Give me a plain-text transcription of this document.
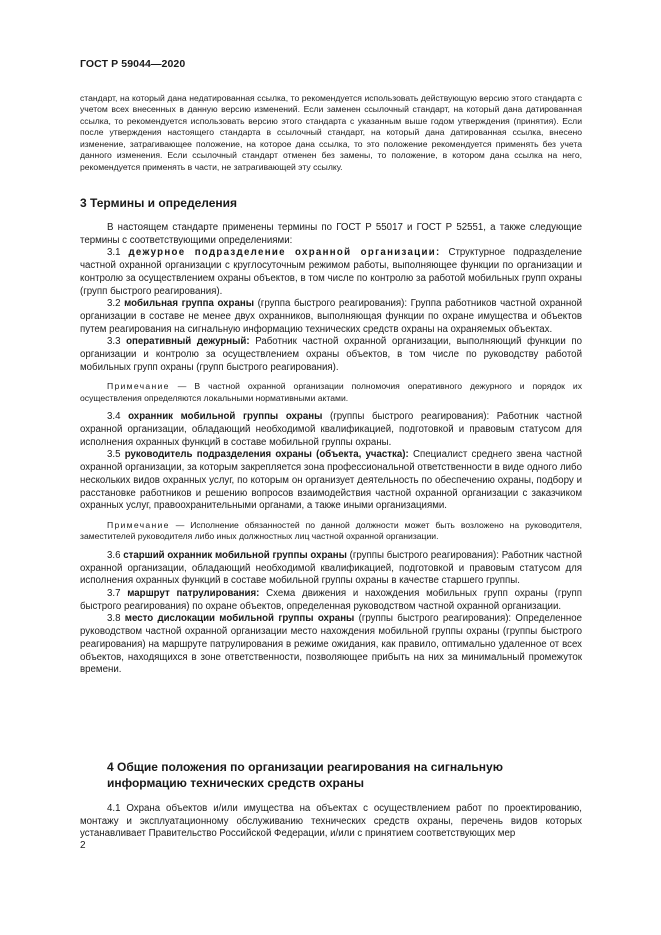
ГОСТ Р 59044—2020

стандарт, на который дана недатированная ссылка, то рекомендуется использовать действующую версию этого стандарта с учетом всех внесенных в данную версию изменений. Если заменен ссылочный стандарт, на который дана датированная ссылка, то рекомендуется использовать версию этого стандарта с указанным выше годом утверждения (принятия). Если после утверждения настоящего стандарта в ссылочный стандарт, на который дана датированная ссылка, внесено изменение, затрагивающее положение, на которое дана ссылка, то это положение рекомендуется применять без учета данного изменения. Если ссылочный стандарт отменен без замены, то положение, в котором дана ссылка на него, рекомендуется применять в части, не затрагивающей эту ссылку.

3 Термины и определения

В настоящем стандарте применены термины по ГОСТ Р 55017 и ГОСТ Р 52551, а также следующие термины с соответствующими определениями:

3.1 дежурное подразделение охранной организации: Структурное подразделение частной охранной организации с круглосуточным режимом работы, выполняющее функции по организации и контролю за осуществлением охраны объектов, в том числе по контролю за работой мобильных групп охраны (групп быстрого реагирования).

3.2 мобильная группа охраны (группа быстрого реагирования): Группа работников частной охранной организации в составе не менее двух охранников, выполняющая функции по охране имущества и объектов путем реагирования на сигнальную информацию технических средств охраны на охраняемых объектах.

3.3 оперативный дежурный: Работник частной охранной организации, выполняющий функции по организации и контролю за осуществлением охраны объектов, в том числе по руководству работой мобильных групп охраны (групп быстрого реагирования).

Примечание — В частной охранной организации полномочия оперативного дежурного и порядок их осуществления определяются локальными нормативными актами.

3.4 охранник мобильной группы охраны (группы быстрого реагирования): Работник частной охранной организации, обладающий необходимой квалификацией, подготовкой и правовым статусом для исполнения охранных функций в составе мобильной группы охраны.

3.5 руководитель подразделения охраны (объекта, участка): Специалист среднего звена частной охранной организации, за которым закрепляется зона профессиональной ответственности в виде одного либо нескольких видов охранных услуг, по которым он организует деятельность по обеспечению охраны, подбору и расстановке работников и решению вопросов взаимодействия частной охранной организации с заказчиком охранных услуг, правоохранительными органами, а также иными организациями.

Примечание — Исполнение обязанностей по данной должности может быть возложено на руководителя, заместителей руководителя либо иных должностных лиц частной охранной организации.

3.6 старший охранник мобильной группы охраны (группы быстрого реагирования): Работник частной охранной организации, обладающий необходимой квалификацией, подготовкой и правовым статусом для исполнения охранных функций в составе мобильной группы охраны в качестве старшего группы.

3.7 маршрут патрулирования: Схема движения и нахождения мобильных групп охраны (групп быстрого реагирования) по охране объектов, определенная руководством частной охранной организации.

3.8 место дислокации мобильной группы охраны (группы быстрого реагирования): Определенное руководством частной охранной организации место нахождения мобильной группы охраны (группы быстрого реагирования) на маршруте патрулирования в режиме ожидания, как правило, оптимально удаленное от всех объектов, находящихся в зоне ответственности, позволяющее прибыть на них за минимальный промежуток времени.

4 Общие положения по организации реагирования на сигнальную
информацию технических средств охраны

4.1 Охрана объектов и/или имущества на объектах с осуществлением работ по проектированию, монтажу и эксплуатационному обслуживанию технических средств охраны, перечень видов которых устанавливает Правительство Российской Федерации, и/или с принятием соответствующих мер

2
